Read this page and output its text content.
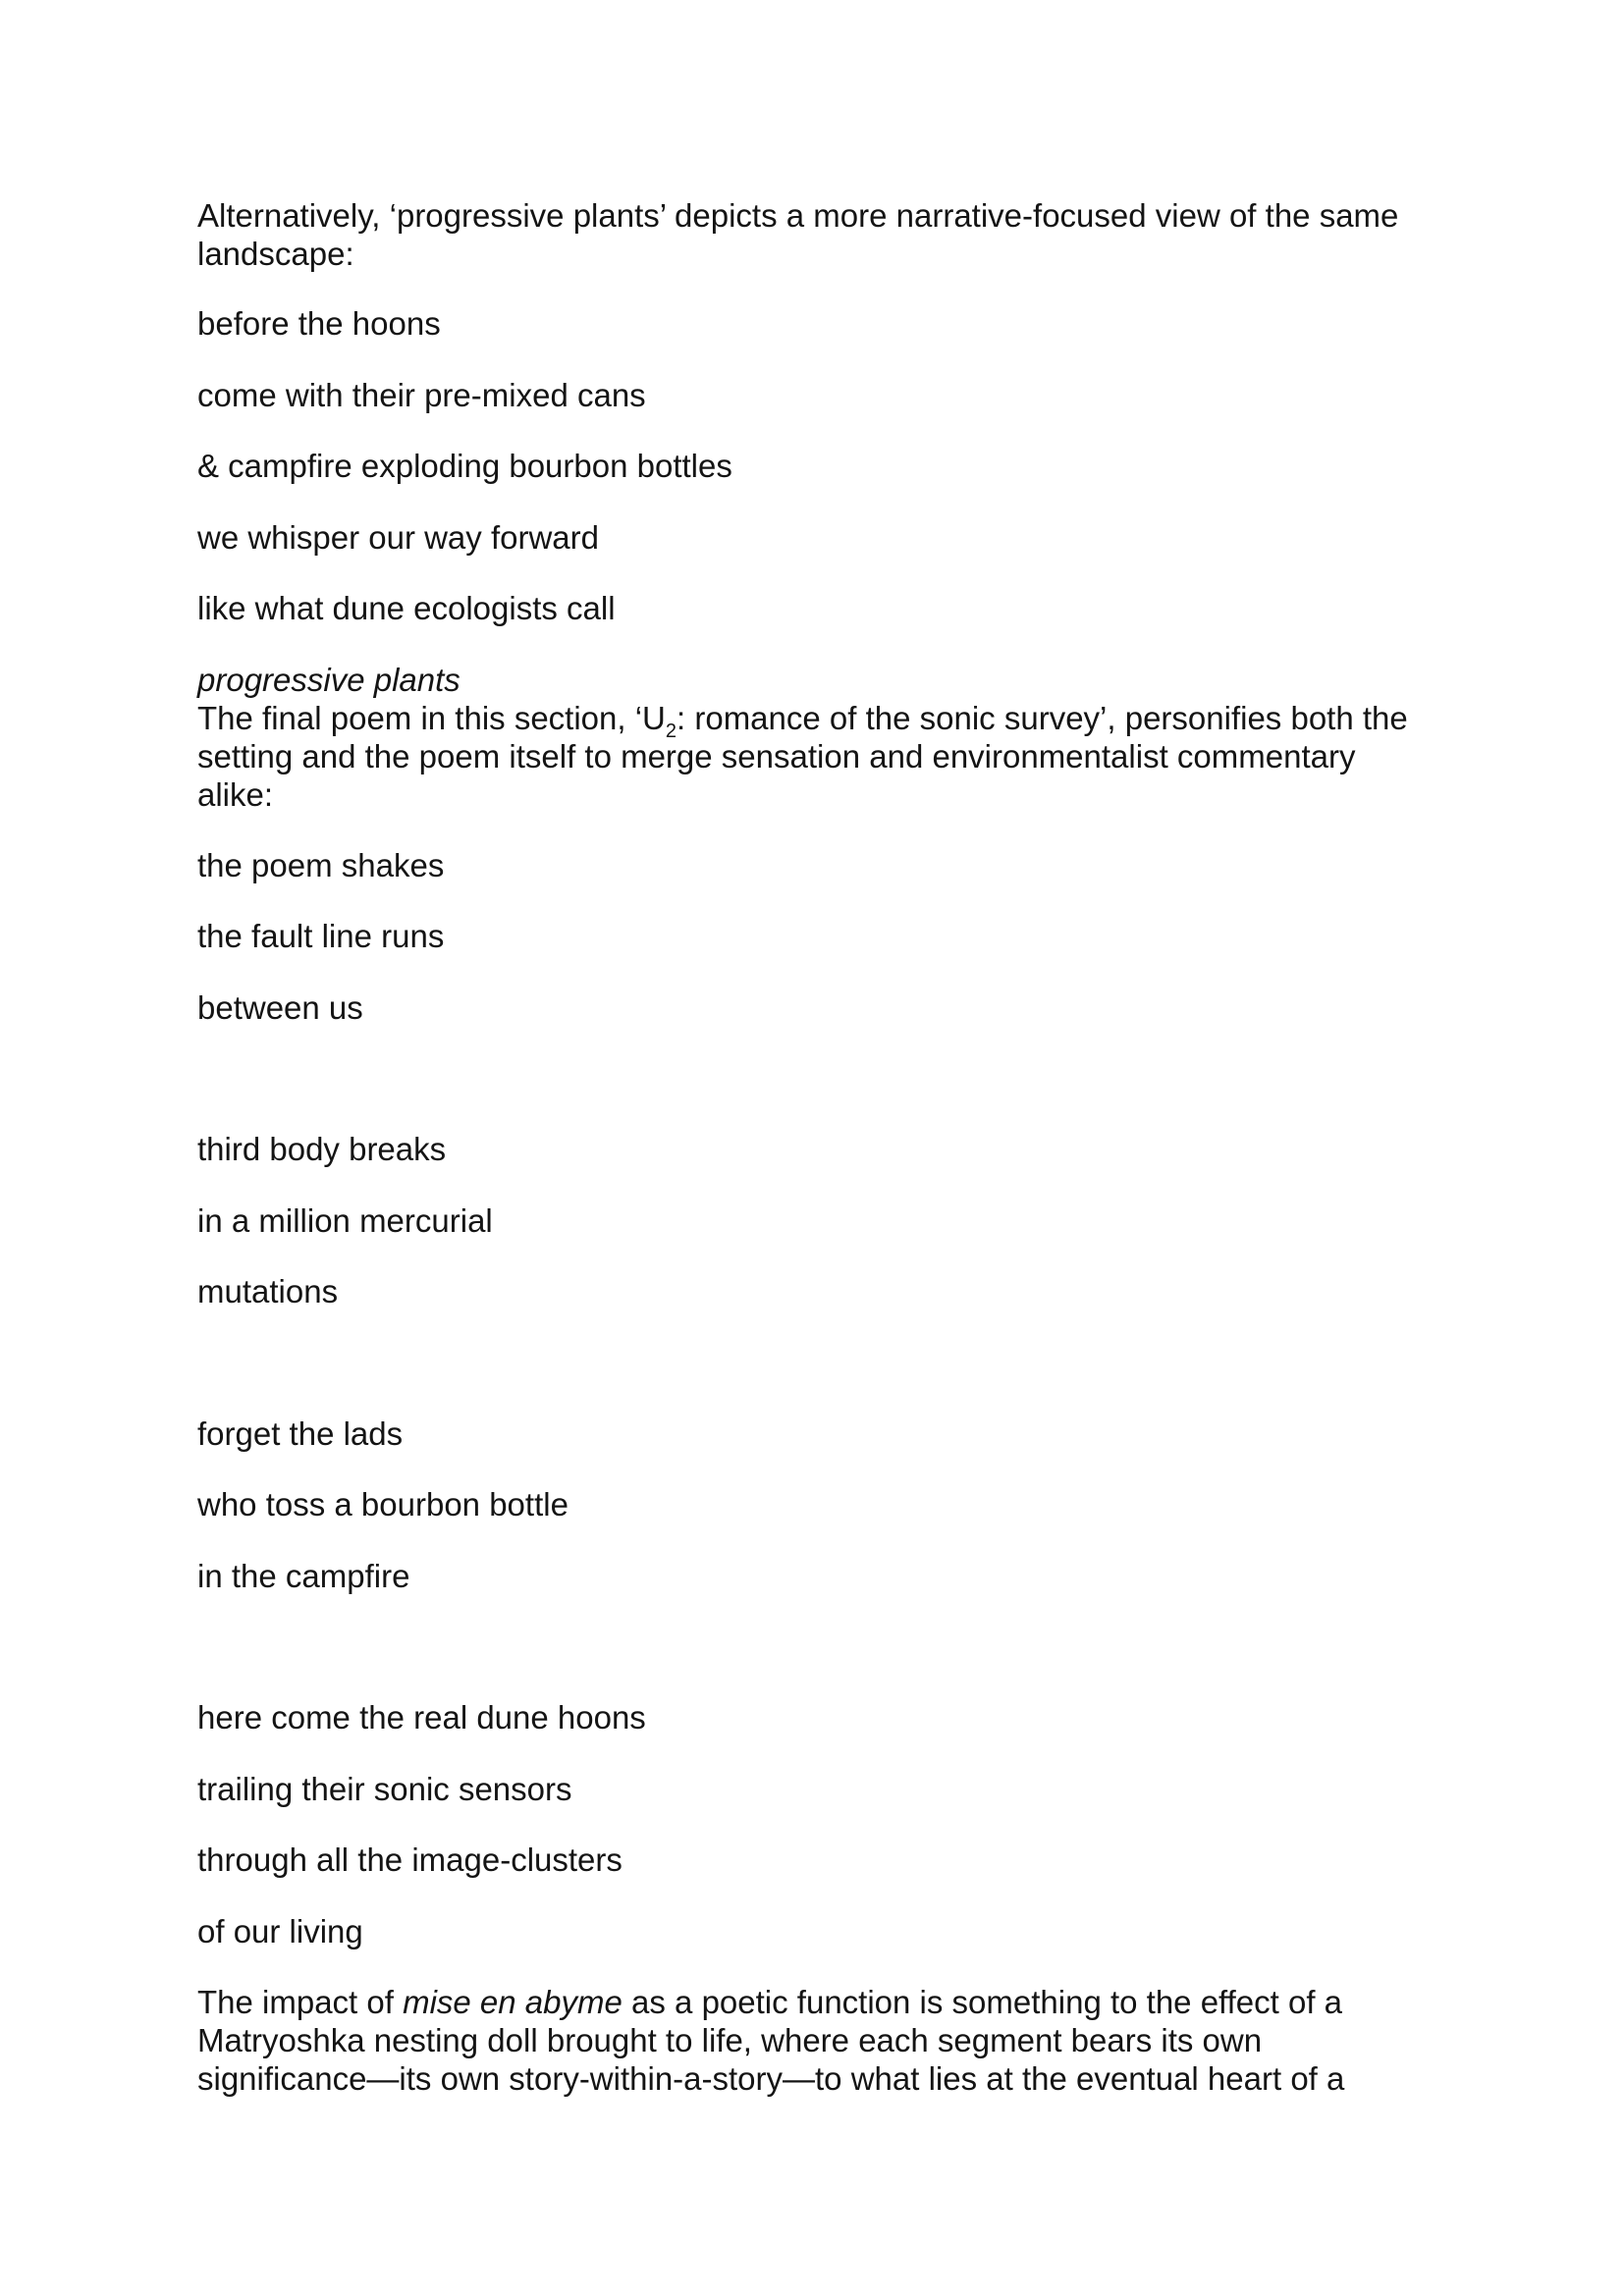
Alternatively, ‘progressive plants’ depicts a more narrative-focused view of the same

landscape:

before the hoons

come with their pre-mixed cans

& campfire exploding bourbon bottles

we whisper our way forward

like what dune ecologists call

progressive plants

The final poem in this section, ‘$U_2$: romance of the sonic survey’, personifies both the

setting and the poem itself to merge sensation and environmentalist commentary

alike:

the poem shakes

the fault line runs

between us

third body breaks

in a million mercurial

mutations

forget the lads

who toss a bourbon bottle

in the campfire

here come the real dune hoons

trailing their sonic sensors

through all the image-clusters

of our living

The impact of mise en abyme as a poetic function is something to the effect of a

Matryoshka nesting doll brought to life, where each segment bears its own

significance—its own story-within-a-story—to what lies at the eventual heart of a
